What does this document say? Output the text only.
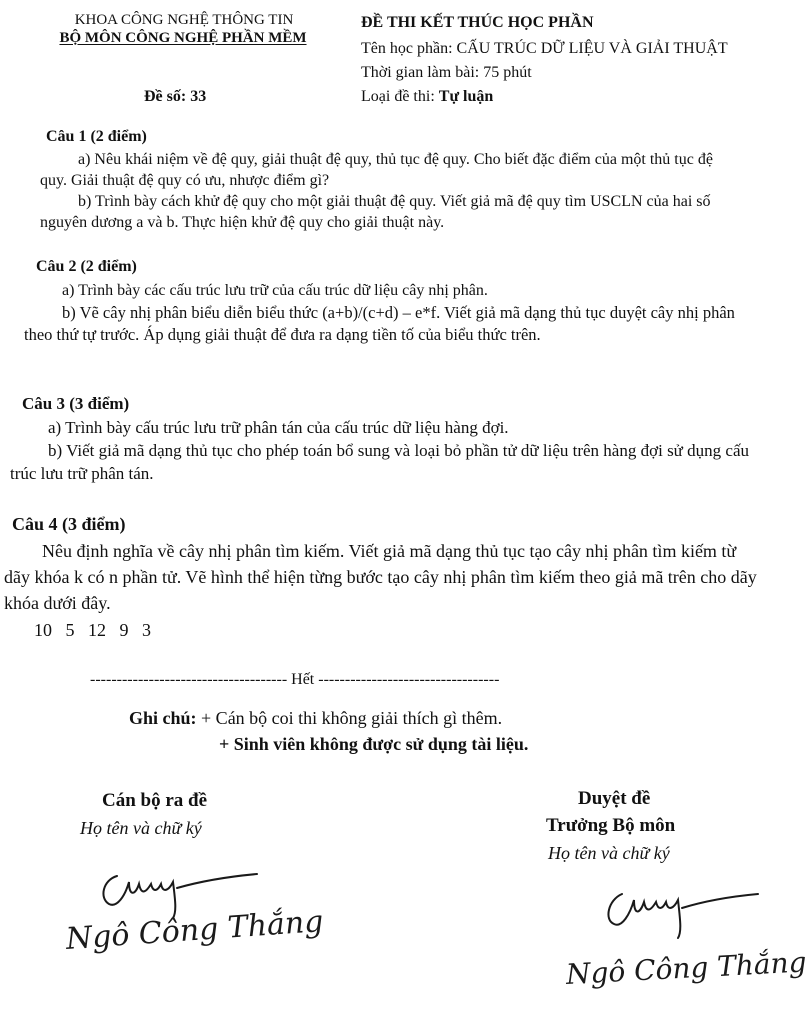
KHOA CÔNG NGHỆ THÔNG TIN
BỘ MÔN CÔNG NGHỆ PHẦN MỀM
Đề số: 33
ĐỀ THI KẾT THÚC HỌC PHẦN
Tên học phần: CẤU TRÚC DỮ LIỆU VÀ GIẢI THUẬT
Thời gian làm bài: 75 phút
Loại đề thi: Tự luận
Câu 1 (2 điểm)

a) Nêu khái niệm về đệ quy, giải thuật đệ quy, thủ tục đệ quy. Cho biết đặc điểm của một thủ tục đệ quy. Giải thuật đệ quy có ưu, nhược điểm gì?

b) Trình bày cách khử đệ quy cho một giải thuật đệ quy. Viết giả mã đệ quy tìm USCLN của hai số nguyên dương a và b. Thực hiện khử đệ quy cho giải thuật này.

Câu 2 (2 điểm)

a) Trình bày các cấu trúc lưu trữ của cấu trúc dữ liệu cây nhị phân.

b) Vẽ cây nhị phân biểu diễn biểu thức (a+b)/(c+d) – e*f. Viết giả mã dạng thủ tục duyệt cây nhị phân theo thứ tự trước. Áp dụng giải thuật để đưa ra dạng tiền tố của biểu thức trên.

Câu 3 (3 điểm)

a) Trình bày cấu trúc lưu trữ phân tán của cấu trúc dữ liệu hàng đợi.

b) Viết giả mã dạng thủ tục cho phép toán bổ sung và loại bỏ phần tử dữ liệu trên hàng đợi sử dụng cấu trúc lưu trữ phân tán.

Câu 4 (3 điểm)

Nêu định nghĩa về cây nhị phân tìm kiếm. Viết giả mã dạng thủ tục tạo cây nhị phân tìm kiếm từ dãy khóa k có n phần tử. Vẽ hình thể hiện từng bước tạo cây nhị phân tìm kiếm theo giả mã trên cho dãy khóa dưới đây.

10   5   12   9   3
------------------------------------- Hết ----------------------------------
Ghi chú: + Cán bộ coi thi không giải thích gì thêm.
+ Sinh viên không được sử dụng tài liệu.
Cán bộ ra đề
Họ tên và chữ ký
Ngô Công Thắng
Duyệt đề
Trưởng Bộ môn
Họ tên và chữ ký
Ngô Công Thắng
